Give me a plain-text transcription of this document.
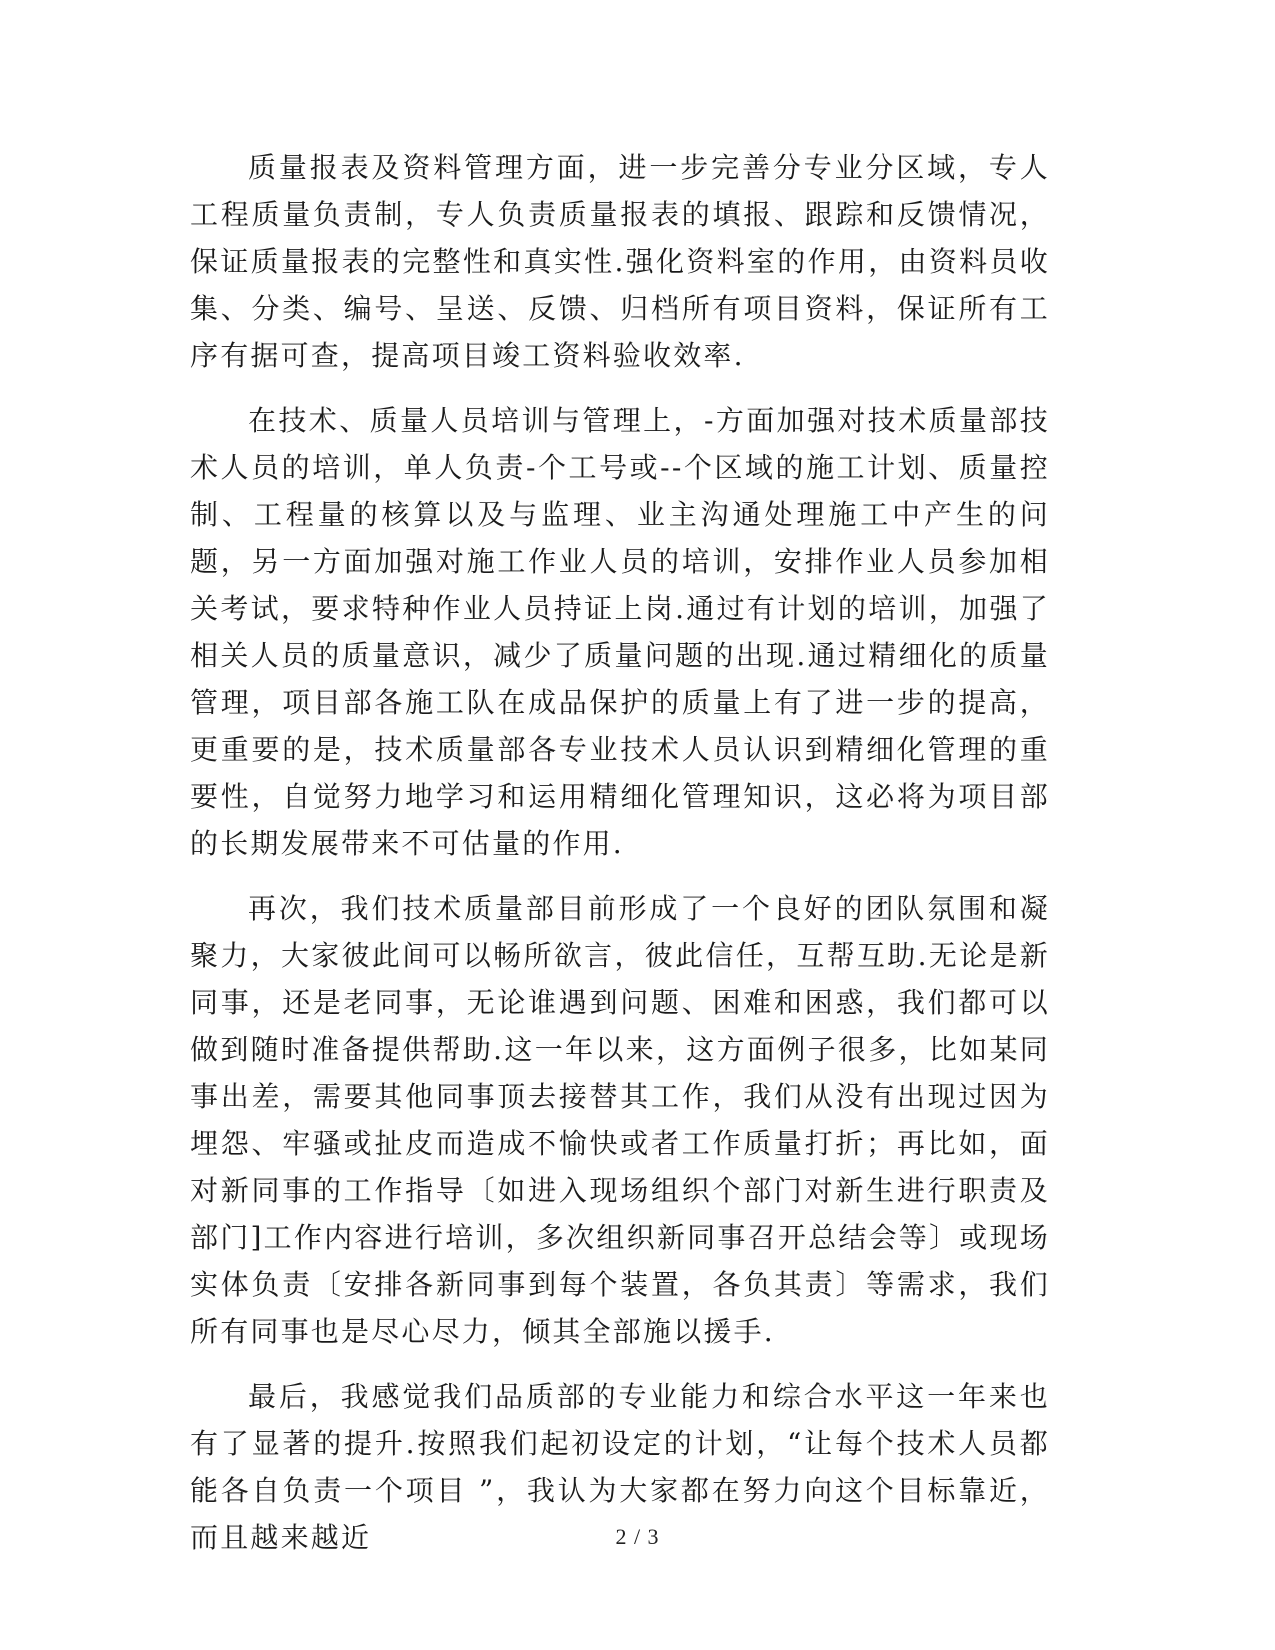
质量报表及资料管理方面，进一步完善分专业分区域，专人工程质量负责制，专人负责质量报表的填报、跟踪和反馈情况，保证质量报表的完整性和真实性.强化资料室的作用，由资料员收集、分类、编号、呈送、反馈、归档所有项目资料，保证所有工序有据可查，提高项目竣工资料验收效率.

在技术、质量人员培训与管理上，-方面加强对技术质量部技术人员的培训，单人负责-个工号或--个区域的施工计划、质量控制、工程量的核算以及与监理、业主沟通处理施工中产生的问题，另一方面加强对施工作业人员的培训，安排作业人员参加相关考试，要求特种作业人员持证上岗.通过有计划的培训，加强了相关人员的质量意识，减少了质量问题的出现.通过精细化的质量管理，项目部各施工队在成品保护的质量上有了进一步的提高，更重要的是，技术质量部各专业技术人员认识到精细化管理的重要性，自觉努力地学习和运用精细化管理知识，这必将为项目部的长期发展带来不可估量的作用.

再次，我们技术质量部目前形成了一个良好的团队氛围和凝聚力，大家彼此间可以畅所欲言，彼此信任，互帮互助.无论是新同事，还是老同事，无论谁遇到问题、困难和困惑，我们都可以做到随时准备提供帮助.这一年以来，这方面例子很多，比如某同事出差，需要其他同事顶去接替其工作，我们从没有出现过因为埋怨、牢骚或扯皮而造成不愉快或者工作质量打折；再比如，面对新同事的工作指导〔如进入现场组织个部门对新生进行职责及部门]工作内容进行培训，多次组织新同事召开总结会等〕或现场实体负责〔安排各新同事到每个装置，各负其责〕等需求，我们所有同事也是尽心尽力，倾其全部施以援手.

最后，我感觉我们品质部的专业能力和综合水平这一年来也有了显著的提升.按照我们起初设定的计划，“让每个技术人员都能各自负责一个项目 ”，我认为大家都在努力向这个目标靠近，而且越来越近	2 / 3
